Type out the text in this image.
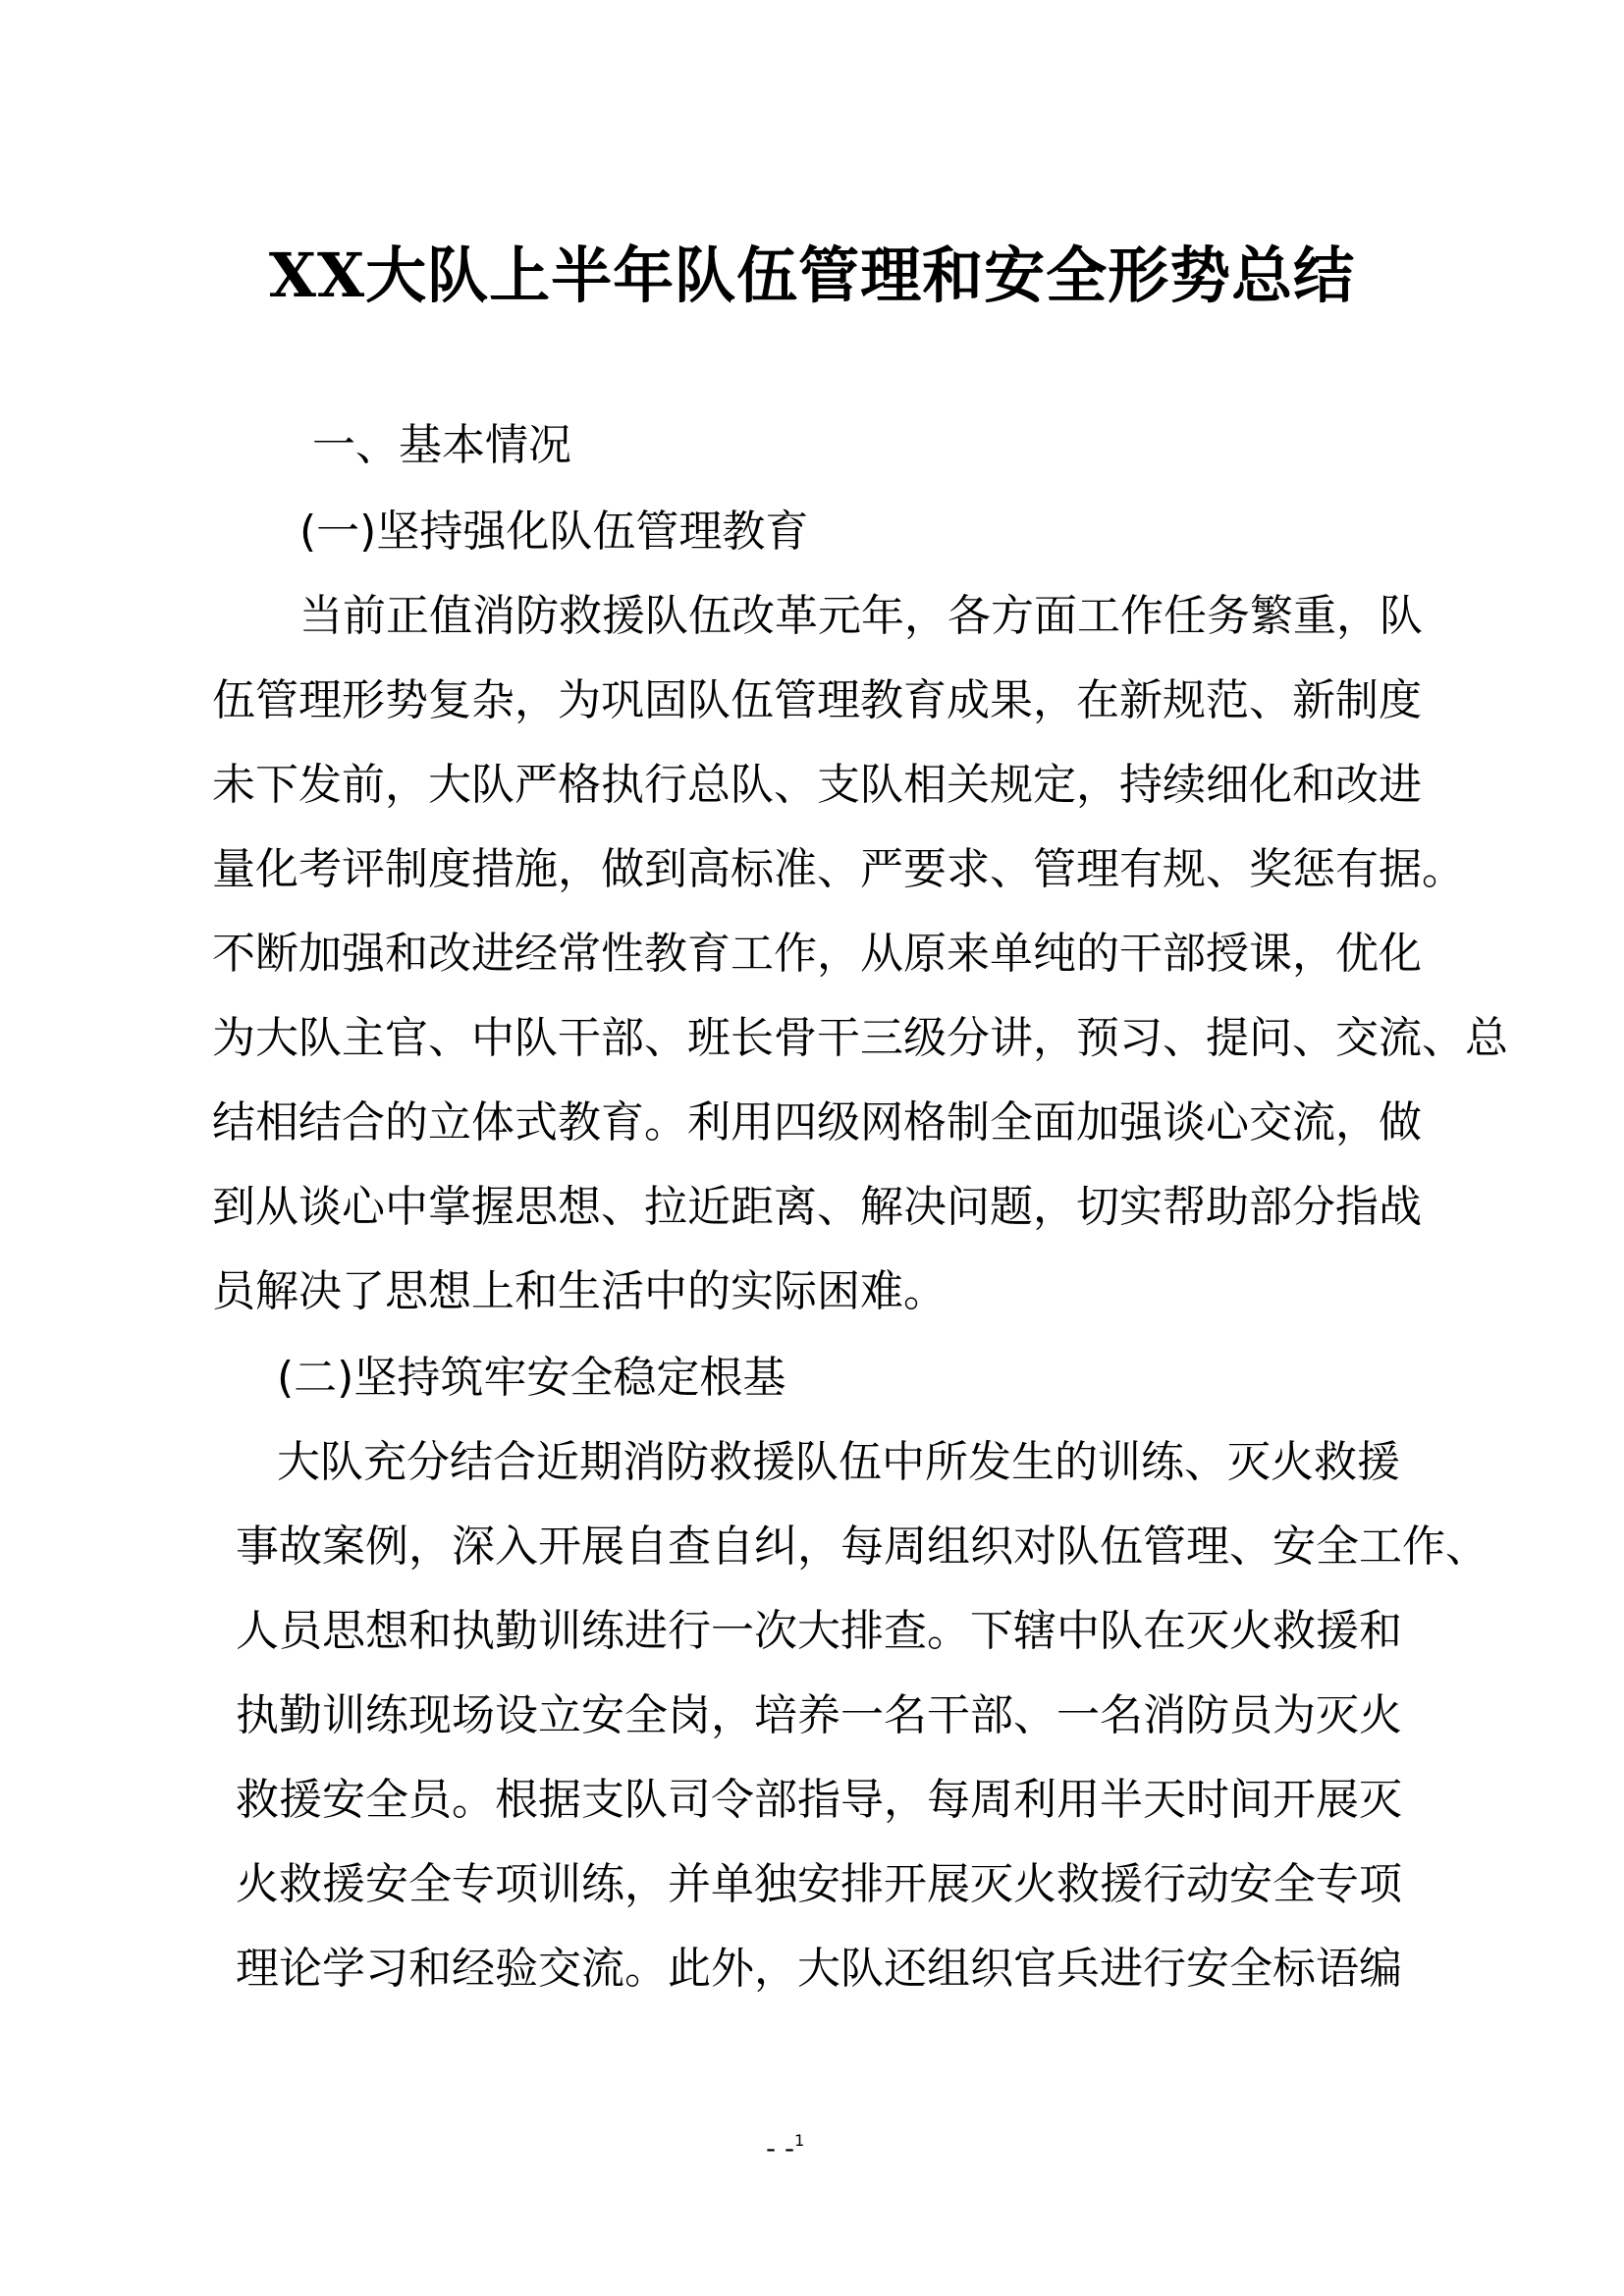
XX大队上半年队伍管理和安全形势总结
一、基本情况
(一)坚持强化队伍管理教育
当前正值消防救援队伍改革元年，各方面工作任务繁重，队
伍管理形势复杂，为巩固队伍管理教育成果，在新规范、新制度
未下发前，大队严格执行总队、支队相关规定，持续细化和改进
量化考评制度措施，做到高标准、严要求、管理有规、奖惩有据。
不断加强和改进经常性教育工作，从原来单纯的干部授课，优化
为大队主官、中队干部、班长骨干三级分讲，预习、提问、交流、总
结相结合的立体式教育。利用四级网格制全面加强谈心交流，做
到从谈心中掌握思想、拉近距离、解决问题，切实帮助部分指战
员解决了思想上和生活中的实际困难。
(二)坚持筑牢安全稳定根基
大队充分结合近期消防救援队伍中所发生的训练、灭火救援
事故案例，深入开展自查自纠，每周组织对队伍管理、安全工作、
人员思想和执勤训练进行一次大排查。下辖中队在灭火救援和
执勤训练现场设立安全岗，培养一名干部、一名消防员为灭火
救援安全员。根据支队司令部指导，每周利用半天时间开展灭
火救援安全专项训练，并单独安排开展灭火救援行动安全专项
理论学习和经验交流。此外，大队还组织官兵进行安全标语编
- -$^1$
